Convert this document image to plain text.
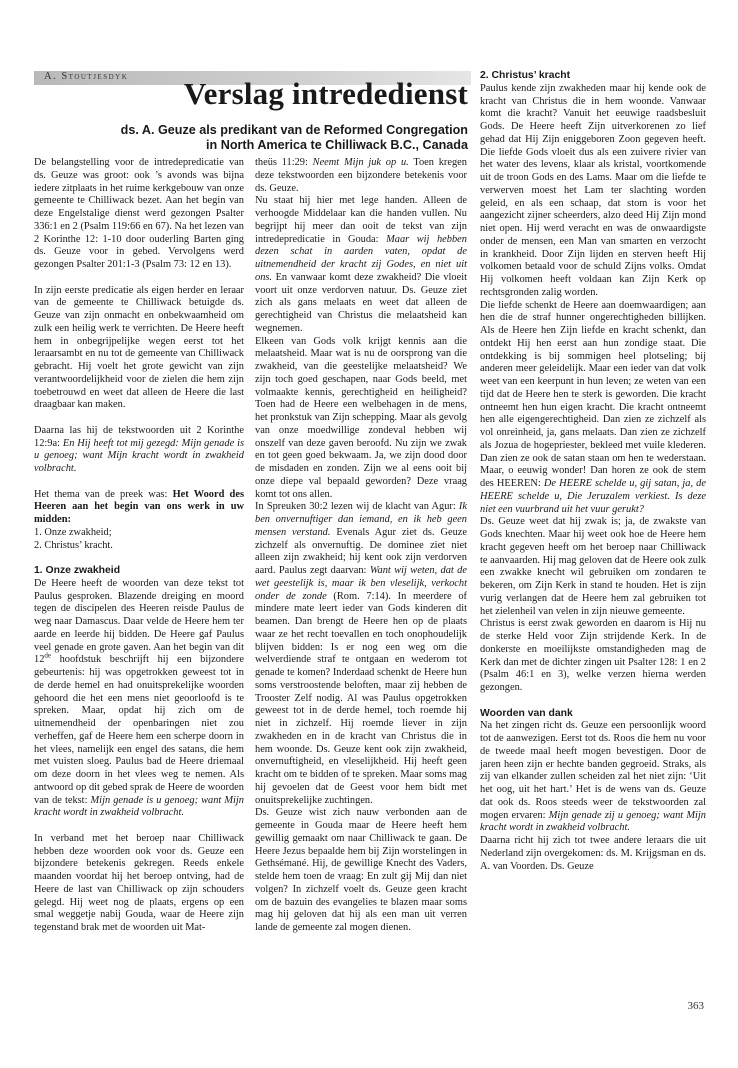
A. Stoutjesdyk Verslag intrededienst
ds. A. Geuze als predikant van de Reformed Congregation
in North America te Chilliwack B.C., Canada

De belangstelling voor de intredepredicatie van ds. Geuze was groot: ook ’s avonds was bijna iedere zitplaats in het ruime kerkgebouw van onze gemeente te Chilliwack bezet. Aan het begin van deze Engelstalige dienst werd gezongen Psalter 336:1 en 2 (Psalm 119:66 en 67). Na het lezen van 2 Korinthe 12: 1-10 door ouderling Barten ging ds. Geuze voor in gebed. Vervolgens werd gezongen Psalter 201:1-3 (Psalm 73: 12 en 13).

In zijn eerste predicatie als eigen herder en leraar van de gemeente te Chilliwack betuigde ds. Geuze van zijn onmacht en onbekwaamheid om zulk een heilig werk te verrichten. De Heere heeft hem in onbegrijpelijke wegen eerst tot het leraarsambt en nu tot de gemeente van Chilliwack gebracht. Hij voelt het grote gewicht van zijn verantwoordelijkheid voor de zielen die hem zijn toebetrouwd en weet dat alleen de Heere die last draagbaar kan maken.

Daarna las hij de tekstwoorden uit 2 Korinthe 12:9a: En Hij heeft tot mij gezegd: Mijn genade is u genoeg; want Mijn kracht wordt in zwakheid volbracht.

Het thema van de preek was: Het Woord des Heeren aan het begin van ons werk in uw midden:

1. Onze zwakheid;

2. Christus’ kracht.

1. Onze zwakheid

De Heere heeft de woorden van deze tekst tot Paulus gesproken. Blazende dreiging en moord tegen de discipelen des Heeren reisde Paulus de weg naar Damascus. Daar velde de Heere hem ter aarde en leerde hij bidden. De Heere gaf Paulus veel genade en grote gaven. Aan het begin van dit 12de hoofdstuk beschrijft hij een bijzondere gebeurtenis: hij was opgetrokken geweest tot in de derde hemel en had onuitsprekelijke woorden gehoord die het een mens niet geoorloofd is te spreken. Maar, opdat hij zich om de uitnemendheid der openbaringen niet zou verheffen, gaf de Heere hem een scherpe doorn in het vlees, namelijk een engel des satans, die hem met vuisten sloeg. Paulus bad de Heere driemaal om deze doorn in het vlees weg te nemen. Als antwoord op dit gebed sprak de Heere de woorden van de tekst: Mijn genade is u genoeg; want Mijn kracht wordt in zwakheid volbracht.

In verband met het beroep naar Chilliwack hebben deze woorden ook voor ds. Geuze een bijzondere betekenis gekregen. Reeds enkele maanden voordat hij het beroep ontving, had de Heere de last van Chilliwack op zijn schouders gelegd. Hij weet nog de plaats, ergens op een smal weggetje nabij Gouda, waar de Heere zijn tegenstand brak met de woorden uit Mat-

theüs 11:29: Neemt Mijn juk op u. Toen kregen deze tekstwoorden een bijzondere betekenis voor ds. Geuze.

Nu staat hij hier met lege handen. Alleen de verhoogde Middelaar kan die handen vullen. Nu begrijpt hij meer dan ooit de tekst van zijn intredepredicatie in Gouda: Maar wij hebben dezen schat in aarden vaten, opdat de uitnemendheid der kracht zij Godes, en niet uit ons. En vanwaar komt deze zwakheid? Die vloeit voort uit onze verdorven natuur. Ds. Geuze ziet zich als gans melaats en weet dat alleen de gerechtigheid van Christus die melaatsheid kan wegnemen.

Elkeen van Gods volk krijgt kennis aan die melaatsheid. Maar wat is nu de oorsprong van die zwakheid, van die geestelijke melaatsheid? We zijn toch goed geschapen, naar Gods beeld, met volmaakte kennis, gerechtigheid en heiligheid? Toen had de Heere een welbehagen in de mens, het pronkstuk van Zijn schepping. Maar als gevolg van onze moedwillige zondeval hebben wij onszelf van deze gaven beroofd. Nu zijn we zwak en tot geen goed bekwaam. Ja, we zijn dood door de misdaden en zonden. Zijn we al eens ooit bij onze diepe val bepaald geworden? Deze vraag komt tot ons allen.

In Spreuken 30:2 lezen wij de klacht van Agur: Ik ben onvernuftiger dan iemand, en ik heb geen mensen verstand. Evenals Agur ziet ds. Geuze zichzelf als onvernuftig. De dominee ziet niet alleen zijn zwakheid; hij kent ook zijn verdorven aard. Paulus zegt daarvan: Want wij weten, dat de wet geestelijk is, maar ik ben vleselijk, verkocht onder de zonde (Rom. 7:14). In meerdere of mindere mate leert ieder van Gods kinderen dit beamen. Dan brengt de Heere hen op de plaats waar ze het recht toevallen en toch onophoudelijk blijven bidden: Is er nog een weg om die welverdiende straf te ontgaan en wederom tot genade te komen? Inderdaad schenkt de Heere hun soms verstroostende beloften, maar zij hebben de Trooster Zelf nodig. Al was Paulus opgetrokken geweest tot in de derde hemel, toch roemde hij niet in zichzelf. Hij roemde liever in zijn zwakheden en in de kracht van Christus die in hem woonde. Ds. Geuze kent ook zijn zwakheid, onvernuftigheid, en vleselijkheid. Hij heeft geen kracht om te bidden of te spreken. Maar soms mag hij gevoelen dat de Geest voor hem bidt met onuitsprekelijke zuchtingen.

Ds. Geuze wist zich nauw verbonden aan de gemeente in Gouda maar de Heere heeft hem gewillig gemaakt om naar Chilliwack te gaan. De Heere Jezus bepaalde hem bij Zijn worstelingen in Gethsémané. Hij, de gewillige Knecht des Vaders, stelde hem toen de vraag: En zult gij Mij dan niet volgen? In zichzelf voelt ds. Geuze geen kracht om de bazuin des evangelies te blazen maar soms mag hij geloven dat hij als een man uit verren lande de gemeente zal mogen dienen.

2. Christus’ kracht

Paulus kende zijn zwakheden maar hij kende ook de kracht van Christus die in hem woonde. Vanwaar komt die kracht? Vanuit het eeuwige raadsbesluit Gods. De Heere heeft Zijn uitverkorenen zo lief gehad dat Hij Zijn eniggeboren Zoon gegeven heeft. Die liefde Gods vloeit dus als een zuivere rivier van het water des levens, klaar als kristal, voortkomende uit de troon Gods en des Lams. Maar om die liefde te verwerven moest het Lam ter slachting worden geleid, en als een schaap, dat stom is voor het aangezicht zijner scheerders, alzo deed Hij Zijn mond niet open. Hij werd veracht en was de onwaardigste onder de mensen, een Man van smarten en verzocht in krankheid. Door Zijn lijden en sterven heeft Hij volkomen betaald voor de schuld Zijns volks. Omdat Hij volkomen heeft voldaan kan Zijn Kerk op rechtsgronden zalig worden.

Die liefde schenkt de Heere aan doemwaardigen; aan hen die de straf hunner ongerechtigheden billijken. Als de Heere hen Zijn liefde en kracht schenkt, dan ontdekt Hij hen eerst aan hun zondige staat. Die ontdekking is bij sommigen heel plotseling; bij anderen meer geleidelijk. Maar een ieder van dat volk weet van een keerpunt in hun leven; ze weten van een tijd dat de Heere hen te sterk is geworden. Die kracht ontneemt hen hun eigen kracht. Die kracht ontneemt hen alle eigengerechtigheid. Dan zien ze zichzelf als vol onreinheid, ja, gans melaats. Dan zien ze zichzelf als Jozua de hogepriester, bekleed met vuile klederen. Dan zien ze ook de satan staan om hen te wederstaan. Maar, o eeuwig wonder! Dan horen ze ook de stem des HEEREN: De HEERE schelde u, gij satan, ja, de HEERE schelde u, Die Jeruzalem verkiest. Is deze niet een vuurbrand uit het vuur gerukt?

Ds. Geuze weet dat hij zwak is; ja, de zwakste van Gods knechten. Maar hij weet ook hoe de Heere hem kracht gegeven heeft om het beroep naar Chilliwack te aanvaarden. Hij mag geloven dat de Heere ook zulk een zwakke knecht wil gebruiken om zondaren te bekeren, om Zijn Kerk in stand te houden. Het is zijn vurig verlangen dat de Heere hem zal gebruiken tot het zielenheil van velen in zijn nieuwe gemeente.

Christus is eerst zwak geworden en daarom is Hij nu de sterke Held voor Zijn strijdende Kerk. In de donkerste en moeilijkste omstandigheden mag de Kerk dan met de dichter zingen uit Psalter 128: 1 en 2 (Psalm 46:1 en 3), welke verzen hierna werden gezongen.

Woorden van dank

Na het zingen richt ds. Geuze een persoonlijk woord tot de aanwezigen. Eerst tot ds. Roos die hem nu voor de tweede maal heeft mogen bevestigen. Door de jaren heen zijn er hechte banden gegroeid. Straks, als zij van elkander zullen scheiden zal het niet zijn: ‘Uit het oog, uit het hart.’ Het is de wens van ds. Geuze dat ook ds. Roos steeds weer de tekstwoorden zal mogen ervaren: Mijn genade zij u genoeg; want Mijn kracht wordt in zwakheid volbracht.

Daarna richt hij zich tot twee andere leraars die uit Nederland zijn overgekomen: ds. M. Krijgsman en ds. A. van Voorden. Ds. Geuze

363
